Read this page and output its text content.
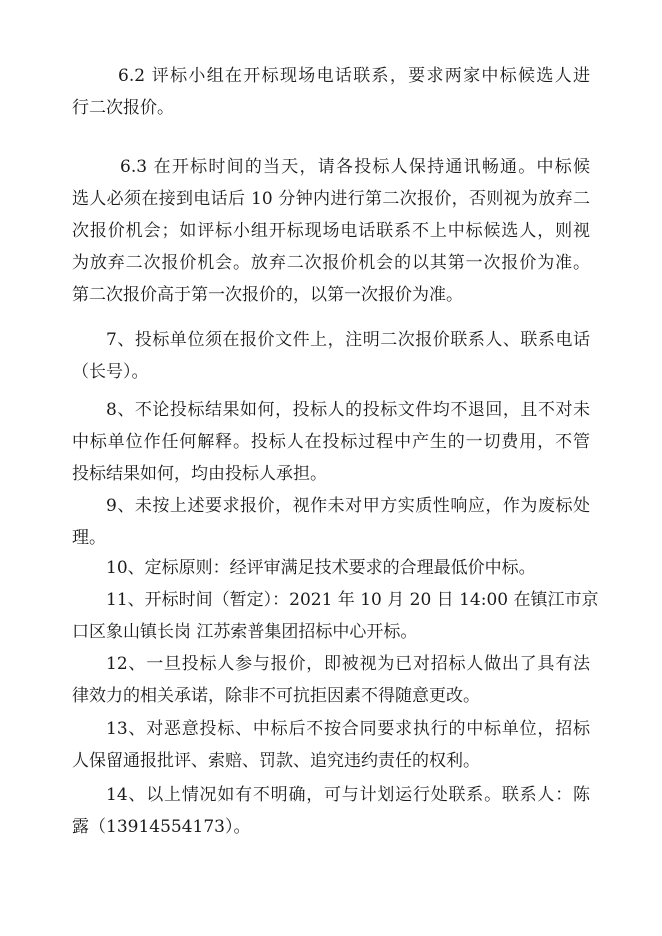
6.2 评标小组在开标现场电话联系，要求两家中标候选人进
行二次报价。
6.3 在开标时间的当天，请各投标人保持通讯畅通。中标候
选人必须在接到电话后 10 分钟内进行第二次报价，否则视为放弃二
次报价机会；如评标小组开标现场电话联系不上中标候选人，则视
为放弃二次报价机会。放弃二次报价机会的以其第一次报价为准。
第二次报价高于第一次报价的，以第一次报价为准。
7、投标单位须在报价文件上，注明二次报价联系人、联系电话
（长号）。
8、不论投标结果如何，投标人的投标文件均不退回，且不对未
中标单位作任何解释。投标人在投标过程中产生的一切费用，不管
投标结果如何，均由投标人承担。
9、未按上述要求报价，视作未对甲方实质性响应，作为废标处
理。
10、定标原则：经评审满足技术要求的合理最低价中标。
11、开标时间（暂定）：2021 年 10 月 20 日 14:00 在镇江市京
口区象山镇长岗 江苏索普集团招标中心开标。
12、一旦投标人参与报价，即被视为已对招标人做出了具有法
律效力的相关承诺，除非不可抗拒因素不得随意更改。
13、对恶意投标、中标后不按合同要求执行的中标单位，招标
人保留通报批评、索赔、罚款、追究违约责任的权利。
14、以上情况如有不明确，可与计划运行处联系。联系人：陈
露（13914554173）。
